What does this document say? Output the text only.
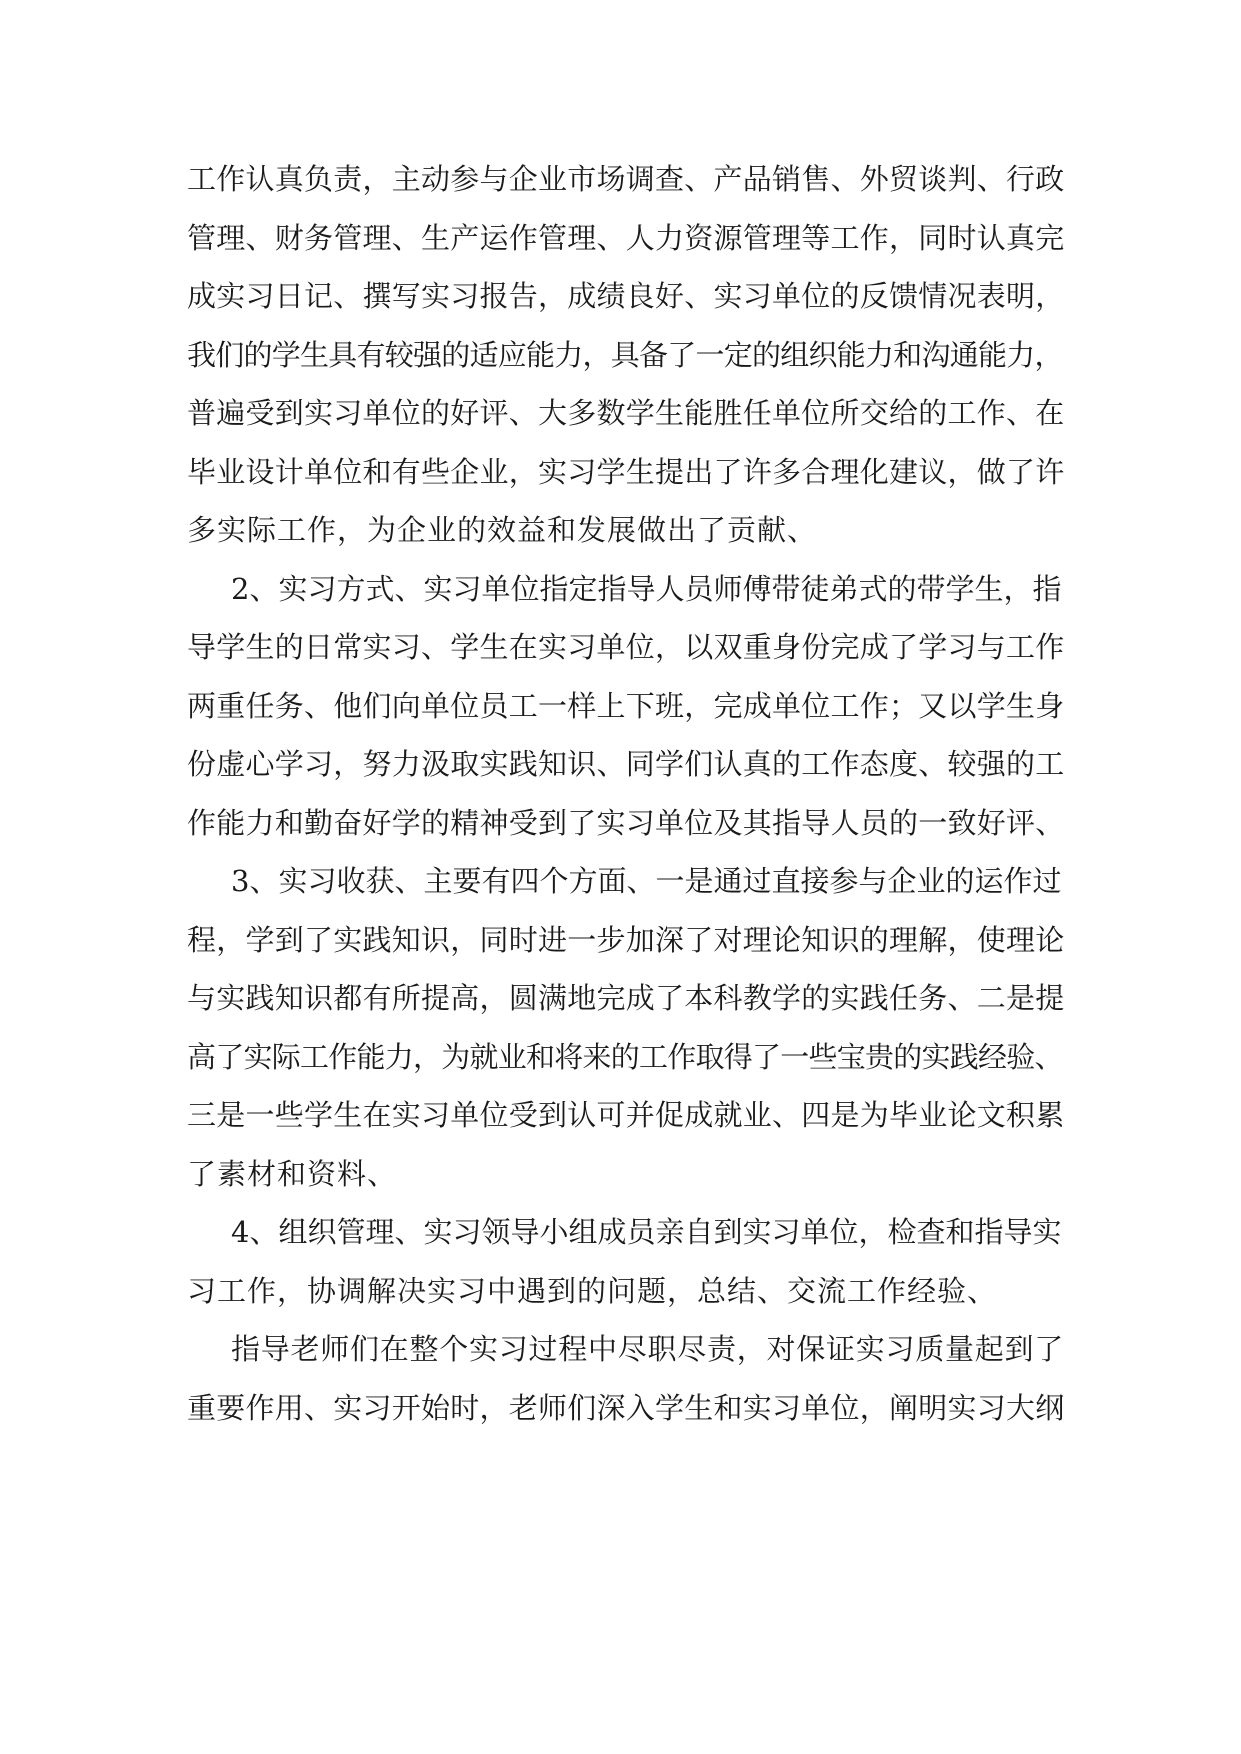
工作认真负责，主动参与企业市场调查、产品销售、外贸谈判、行政
管理、财务管理、生产运作管理、人力资源管理等工作，同时认真完
成实习日记、撰写实习报告，成绩良好、实习单位的反馈情况表明，
我们的学生具有较强的适应能力，具备了一定的组织能力和沟通能力，
普遍受到实习单位的好评、大多数学生能胜任单位所交给的工作、在
毕业设计单位和有些企业，实习学生提出了许多合理化建议，做了许
多实际工作，为企业的效益和发展做出了贡献、
2、实习方式、实习单位指定指导人员师傅带徒弟式的带学生，指
导学生的日常实习、学生在实习单位，以双重身份完成了学习与工作
两重任务、他们向单位员工一样上下班，完成单位工作；又以学生身
份虚心学习，努力汲取实践知识、同学们认真的工作态度、较强的工
作能力和勤奋好学的精神受到了实习单位及其指导人员的一致好评、
3、实习收获、主要有四个方面、一是通过直接参与企业的运作过
程，学到了实践知识，同时进一步加深了对理论知识的理解，使理论
与实践知识都有所提高，圆满地完成了本科教学的实践任务、二是提
高了实际工作能力，为就业和将来的工作取得了一些宝贵的实践经验、
三是一些学生在实习单位受到认可并促成就业、四是为毕业论文积累
了素材和资料、
4、组织管理、实习领导小组成员亲自到实习单位，检查和指导实
习工作，协调解决实习中遇到的问题，总结、交流工作经验、
指导老师们在整个实习过程中尽职尽责，对保证实习质量起到了
重要作用、实习开始时，老师们深入学生和实习单位，阐明实习大纲
